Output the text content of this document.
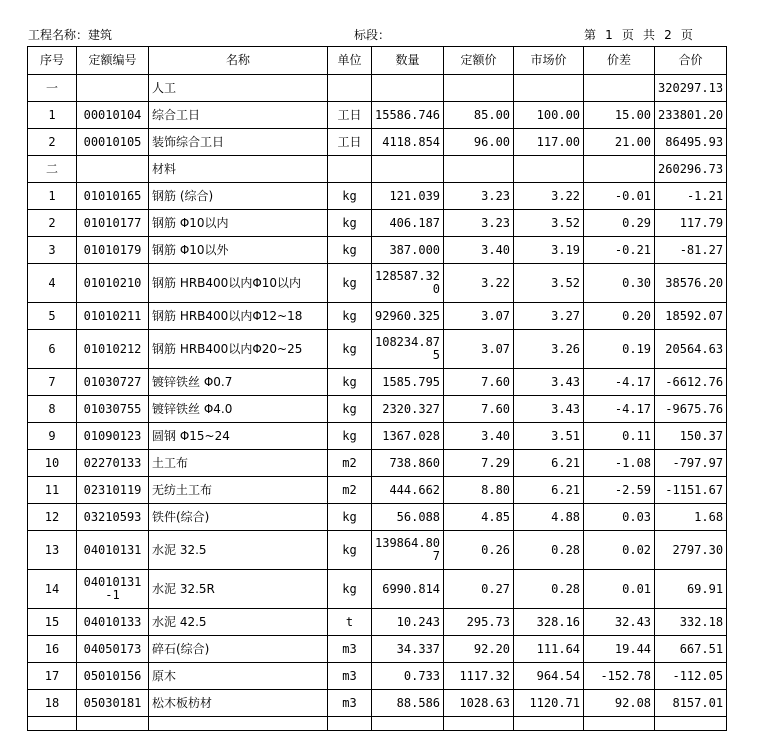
工程名称：建筑	标段：	第  1  页  共  2  页
序号	定额编号	名称	单位	数量	定额价	市场价	价差	合价
一		人工						320297.13
1	00010104	综合工日	工日	15586.746	85.00	100.00	15.00	233801.20
2	00010105	装饰综合工日	工日	4118.854	96.00	117.00	21.00	86495.93
二		材料						260296.73
1	01010165	钢筋 (综合)	kg	121.039	3.23	3.22	-0.01	-1.21
2	01010177	钢筋 Φ10以内	kg	406.187	3.23	3.52	0.29	117.79
3	01010179	钢筋 Φ10以外	kg	387.000	3.40	3.19	-0.21	-81.27
4	01010210	钢筋 HRB400以内Φ10以内	kg	128587.320	3.22	3.52	0.30	38576.20
5	01010211	钢筋 HRB400以内Φ12~18	kg	92960.325	3.07	3.27	0.20	18592.07
6	01010212	钢筋 HRB400以内Φ20~25	kg	108234.875	3.07	3.26	0.19	20564.63
7	01030727	镀锌铁丝 Φ0.7	kg	1585.795	7.60	3.43	-4.17	-6612.76
8	01030755	镀锌铁丝 Φ4.0	kg	2320.327	7.60	3.43	-4.17	-9675.76
9	01090123	圆钢 Φ15~24	kg	1367.028	3.40	3.51	0.11	150.37
10	02270133	土工布	m2	738.860	7.29	6.21	-1.08	-797.97
11	02310119	无纺土工布	m2	444.662	8.80	6.21	-2.59	-1151.67
12	03210593	铁件(综合)	kg	56.088	4.85	4.88	0.03	1.68
13	04010131	水泥 32.5	kg	139864.807	0.26	0.28	0.02	2797.30
14	04010131-1	水泥 32.5R	kg	6990.814	0.27	0.28	0.01	69.91
15	04010133	水泥 42.5	t	10.243	295.73	328.16	32.43	332.18
16	04050173	碎石(综合)	m3	34.337	92.20	111.64	19.44	667.51
17	05010156	原木	m3	0.733	1117.32	964.54	-152.78	-112.05
18	05030181	松木板枋材	m3	88.586	1028.63	1120.71	92.08	8157.01
